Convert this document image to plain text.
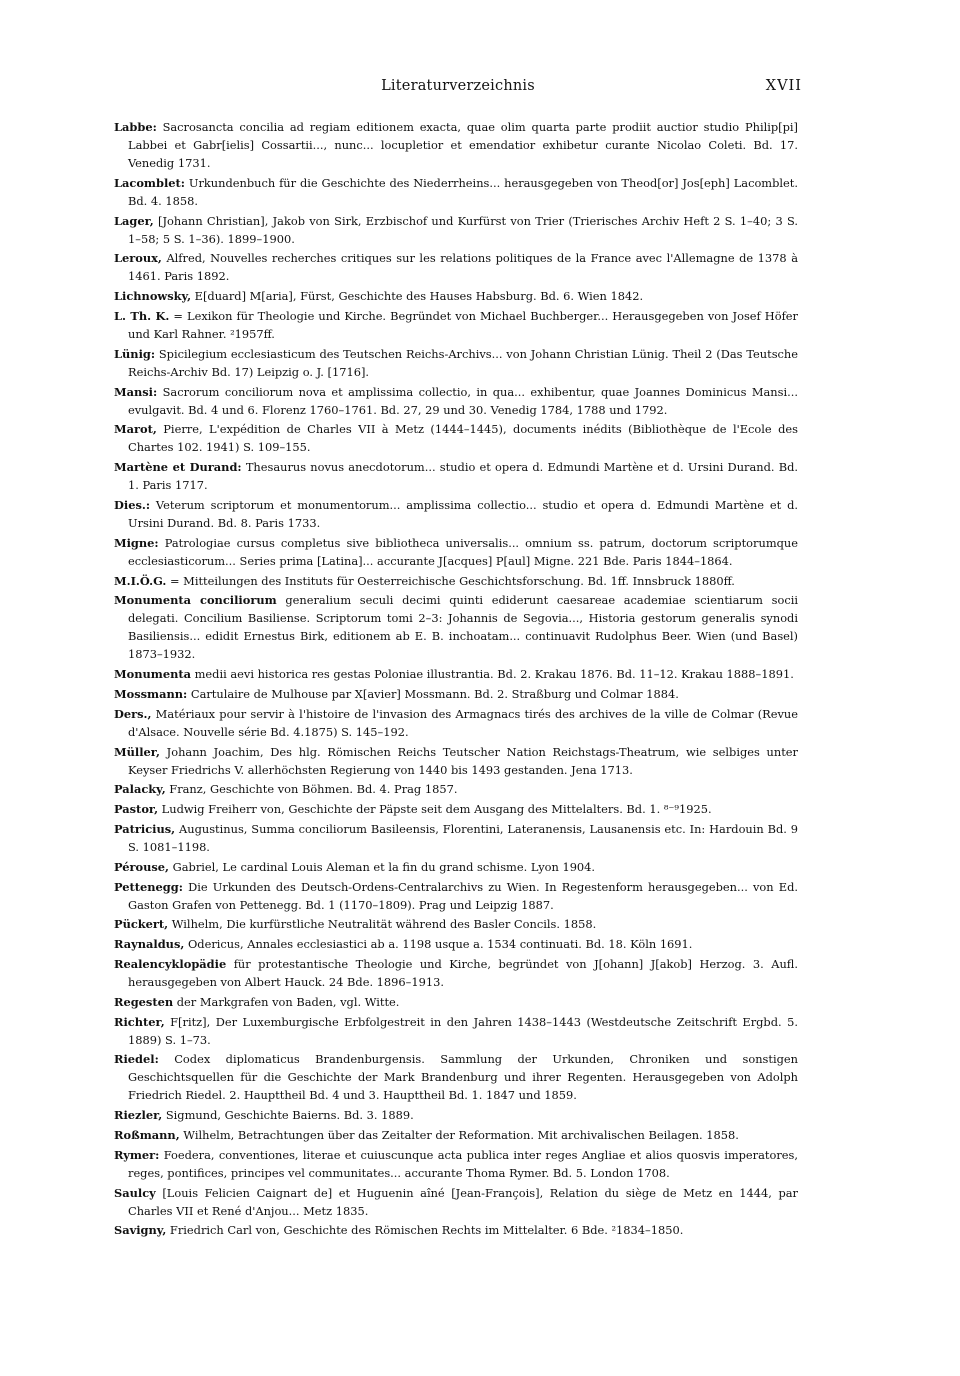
Literaturverzeichnis	XVII

Labbe: Sacrosancta concilia ad regiam editionem exacta, quae olim quarta parte prodiit auctior studio Philip[pi] Labbei et Gabr[ielis] Cossartii..., nunc... locupletior et emendatior exhibetur curante Nicolao Coleti. Bd. 17. Venedig 1731.

Lacomblet: Urkundenbuch für die Geschichte des Niederrheins... herausgegeben von Theod[or] Jos[eph] Lacomblet. Bd. 4. 1858.

Lager, [Johann Christian], Jakob von Sirk, Erzbischof und Kurfürst von Trier (Trierisches Archiv Heft 2 S. 1–40; 3 S. 1–58; 5 S. 1–36). 1899–1900.

Leroux, Alfred, Nouvelles recherches critiques sur les relations politiques de la France avec l'Allemagne de 1378 à 1461. Paris 1892.

Lichnowsky, E[duard] M[aria], Fürst, Geschichte des Hauses Habsburg. Bd. 6. Wien 1842.

L. Th. K. = Lexikon für Theologie und Kirche. Begründet von Michael Buchberger... Herausgegeben von Josef Höfer und Karl Rahner. ²1957ff.

Lünig: Spicilegium ecclesiasticum des Teutschen Reichs-Archivs... von Johann Christian Lünig. Theil 2 (Das Teutsche Reichs-Archiv Bd. 17) Leipzig o. J. [1716].

Mansi: Sacrorum conciliorum nova et amplissima collectio, in qua... exhibentur, quae Joannes Dominicus Mansi... evulgavit. Bd. 4 und 6. Florenz 1760–1761. Bd. 27, 29 und 30. Venedig 1784, 1788 und 1792.

Marot, Pierre, L'expédition de Charles VII à Metz (1444–1445), documents inédits (Bibliothèque de l'Ecole des Chartes 102. 1941) S. 109–155.

Martène et Durand: Thesaurus novus anecdotorum... studio et opera d. Edmundi Martène et d. Ursini Durand. Bd. 1. Paris 1717.

Dies.: Veterum scriptorum et monumentorum... amplissima collectio... studio et opera d. Edmundi Martène et d. Ursini Durand. Bd. 8. Paris 1733.

Migne: Patrologiae cursus completus sive bibliotheca universalis... omnium ss. patrum, doctorum scriptorumque ecclesiasticorum... Series prima [Latina]... accurante J[acques] P[aul] Migne. 221 Bde. Paris 1844–1864.

M.I.Ö.G. = Mitteilungen des Instituts für Oesterreichische Geschichtsforschung. Bd. 1ff. Innsbruck 1880ff.

Monumenta conciliorum generalium seculi decimi quinti ediderunt caesareae academiae scientiarum socii delegati. Concilium Basiliense. Scriptorum tomi 2–3: Johannis de Segovia..., Historia gestorum generalis synodi Basiliensis... edidit Ernestus Birk, editionem ab E. B. inchoatam... continuavit Rudolphus Beer. Wien (und Basel) 1873–1932.

Monumenta medii aevi historica res gestas Poloniae illustrantia. Bd. 2. Krakau 1876. Bd. 11–12. Krakau 1888–1891.

Mossmann: Cartulaire de Mulhouse par X[avier] Mossmann. Bd. 2. Straßburg und Colmar 1884.

Ders., Matériaux pour servir à l'histoire de l'invasion des Armagnacs tirés des archives de la ville de Colmar (Revue d'Alsace. Nouvelle série Bd. 4.1875) S. 145–192.

Müller, Johann Joachim, Des hlg. Römischen Reichs Teutscher Nation Reichstags-Theatrum, wie selbiges unter Keyser Friedrichs V. allerhöchsten Regierung von 1440 bis 1493 gestanden. Jena 1713.

Palacky, Franz, Geschichte von Böhmen. Bd. 4. Prag 1857.

Pastor, Ludwig Freiherr von, Geschichte der Päpste seit dem Ausgang des Mittelalters. Bd. 1. ⁸⁻⁹1925.

Patricius, Augustinus, Summa conciliorum Basileensis, Florentini, Lateranensis, Lausanensis etc. In: Hardouin Bd. 9 S. 1081–1198.

Pérouse, Gabriel, Le cardinal Louis Aleman et la fin du grand schisme. Lyon 1904.

Pettenegg: Die Urkunden des Deutsch-Ordens-Centralarchivs zu Wien. In Regestenform herausgegeben... von Ed. Gaston Grafen von Pettenegg. Bd. 1 (1170–1809). Prag und Leipzig 1887.

Pückert, Wilhelm, Die kurfürstliche Neutralität während des Basler Concils. 1858.

Raynaldus, Odericus, Annales ecclesiastici ab a. 1198 usque a. 1534 continuati. Bd. 18. Köln 1691.

Realencyklopädie für protestantische Theologie und Kirche, begründet von J[ohann] J[akob] Herzog. 3. Aufl. herausgegeben von Albert Hauck. 24 Bde. 1896–1913.

Regesten der Markgrafen von Baden, vgl. Witte.

Richter, F[ritz], Der Luxemburgische Erbfolgestreit in den Jahren 1438–1443 (Westdeutsche Zeitschrift Ergbd. 5. 1889) S. 1–73.

Riedel: Codex diplomaticus Brandenburgensis. Sammlung der Urkunden, Chroniken und sonstigen Geschichtsquellen für die Geschichte der Mark Brandenburg und ihrer Regenten. Herausgegeben von Adolph Friedrich Riedel. 2. Haupttheil Bd. 4 und 3. Haupttheil Bd. 1. 1847 und 1859.

Riezler, Sigmund, Geschichte Baierns. Bd. 3. 1889.

Roßmann, Wilhelm, Betrachtungen über das Zeitalter der Reformation. Mit archivalischen Beilagen. 1858.

Rymer: Foedera, conventiones, literae et cuiuscunque acta publica inter reges Angliae et alios quosvis imperatores, reges, pontifices, principes vel communitates... accurante Thoma Rymer. Bd. 5. London 1708.

Saulcy [Louis Felicien Caignart de] et Huguenin aîné [Jean-François], Relation du siège de Metz en 1444, par Charles VII et René d'Anjou... Metz 1835.

Savigny, Friedrich Carl von, Geschichte des Römischen Rechts im Mittelalter. 6 Bde. ²1834–1850.
